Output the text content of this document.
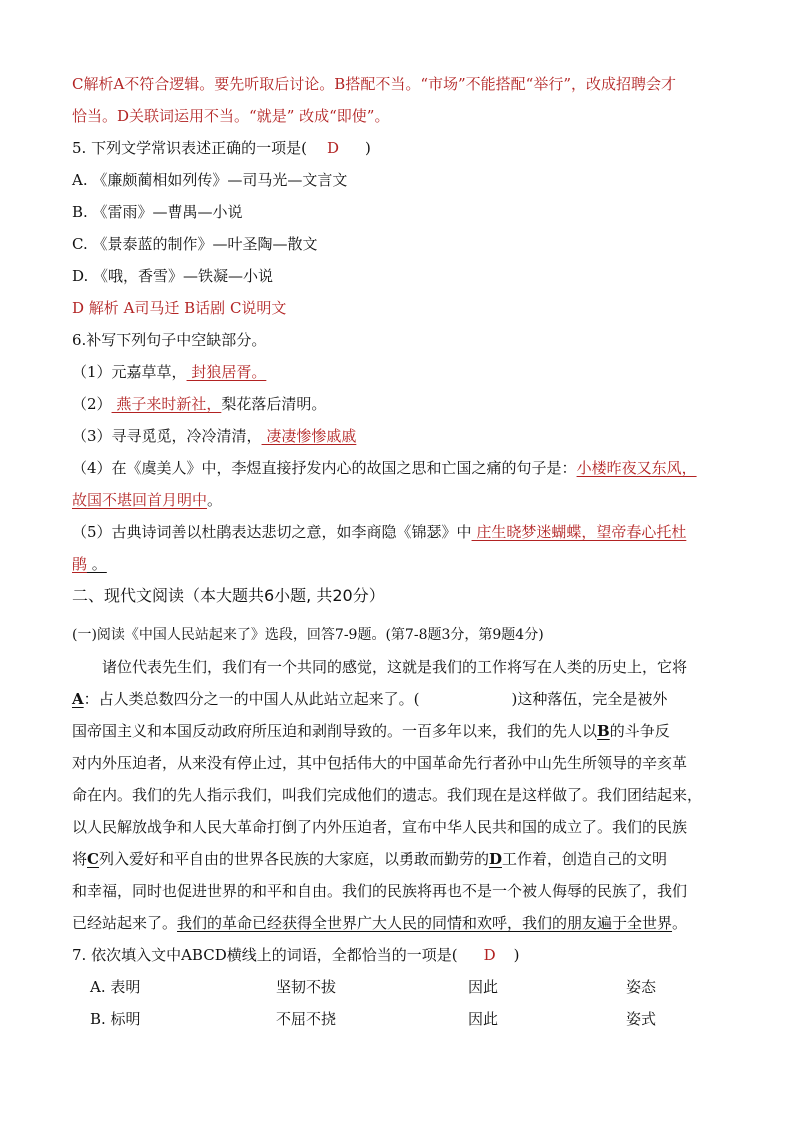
C解析A不符合逻辑。要先听取后讨论。B搭配不当。“市场”不能搭配“举行”，改成招聘会才
恰当。D关联词运用不当。“就是” 改成“即使”。
5. 下列文学常识表述正确的一项是( D )
A. 《廉颇蔺相如列传》—司马光—文言文
B. 《雷雨》—曹禺—小说
C. 《景泰蓝的制作》—叶圣陶—散文
D. 《哦，香雪》—铁凝—小说
D 解析 A司马迁 B话剧 C说明文
6.补写下列句子中空缺部分。
（1）元嘉草草， 封狼居胥。
（2） 燕子来时新社，梨花落后清明。
（3）寻寻觅觅，冷冷清清， 凄凄惨惨戚戚
（4）在《虞美人》中，李煜直接抒发内心的故国之思和亡国之痛的句子是：小楼昨夜又东风，
故国不堪回首月明中。
（5）古典诗词善以杜鹃表达悲切之意，如李商隐《锦瑟》中 庄生晓梦迷蝴蝶，望帝春心托杜
鹃 。
二、现代文阅读（本大题共6小题, 共20分）
(一)阅读《中国人民站起来了》选段，回答7-9题。(第7-8题3分，第9题4分)
诸位代表先生们，我们有一个共同的感觉，这就是我们的工作将写在人类的历史上，它将
A：占人类总数四分之一的中国人从此站立起来了。(	)这种落伍，完全是被外
国帝国主义和本国反动政府所压迫和剥削导致的。一百多年以来，我们的先人以B的斗争反
对内外压迫者，从来没有停止过，其中包括伟大的中国革命先行者孙中山先生所领导的辛亥革
命在内。我们的先人指示我们，叫我们完成他们的遗志。我们现在是这样做了。我们团结起来，
以人民解放战争和人民大革命打倒了内外压迫者，宣布中华人民共和国的成立了。我们的民族
将C列入爱好和平自由的世界各民族的大家庭，以勇敢而勤劳的D工作着，创造自己的文明
和幸福，同时也促进世界的和平和自由。我们的民族将再也不是一个被人侮辱的民族了，我们
已经站起来了。我们的革命已经获得全世界广大人民的同情和欢呼，我们的朋友遍于全世界。
7. 依次填入文中ABCD横线上的词语，全都恰当的一项是( D )
A. 表明	坚韧不拔	因此	姿态
B. 标明	不屈不挠	因此	姿式
